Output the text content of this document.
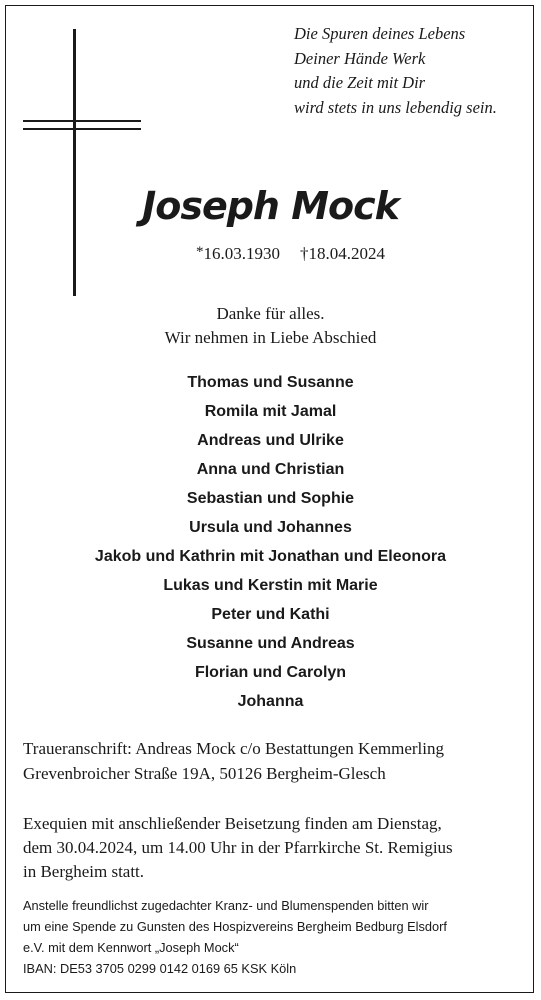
Die Spuren deines Lebens
Deiner Hände Werk
und die Zeit mit Dir
wird stets in uns lebendig sein.
Joseph Mock
*16.03.1930 †18.04.2024
Danke für alles.
Wir nehmen in Liebe Abschied
Thomas und Susanne
Romila mit Jamal
Andreas und Ulrike
Anna und Christian
Sebastian und Sophie
Ursula und Johannes
Jakob und Kathrin mit Jonathan und Eleonora
Lukas und Kerstin mit Marie
Peter und Kathi
Susanne und Andreas
Florian und Carolyn
Johanna
Traueranschrift: Andreas Mock c/o Bestattungen Kemmerling
Grevenbroicher Straße 19A, 50126 Bergheim-Glesch
Exequien mit anschließender Beisetzung finden am Dienstag,
dem 30.04.2024, um 14.00 Uhr in der Pfarrkirche St. Remigius
in Bergheim statt.
Anstelle freundlichst zugedachter Kranz- und Blumenspenden bitten wir
um eine Spende zu Gunsten des Hospizvereins Bergheim Bedburg Elsdorf
e.V. mit dem Kennwort „Joseph Mock“
IBAN: DE53 3705 0299 0142 0169 65 KSK Köln
